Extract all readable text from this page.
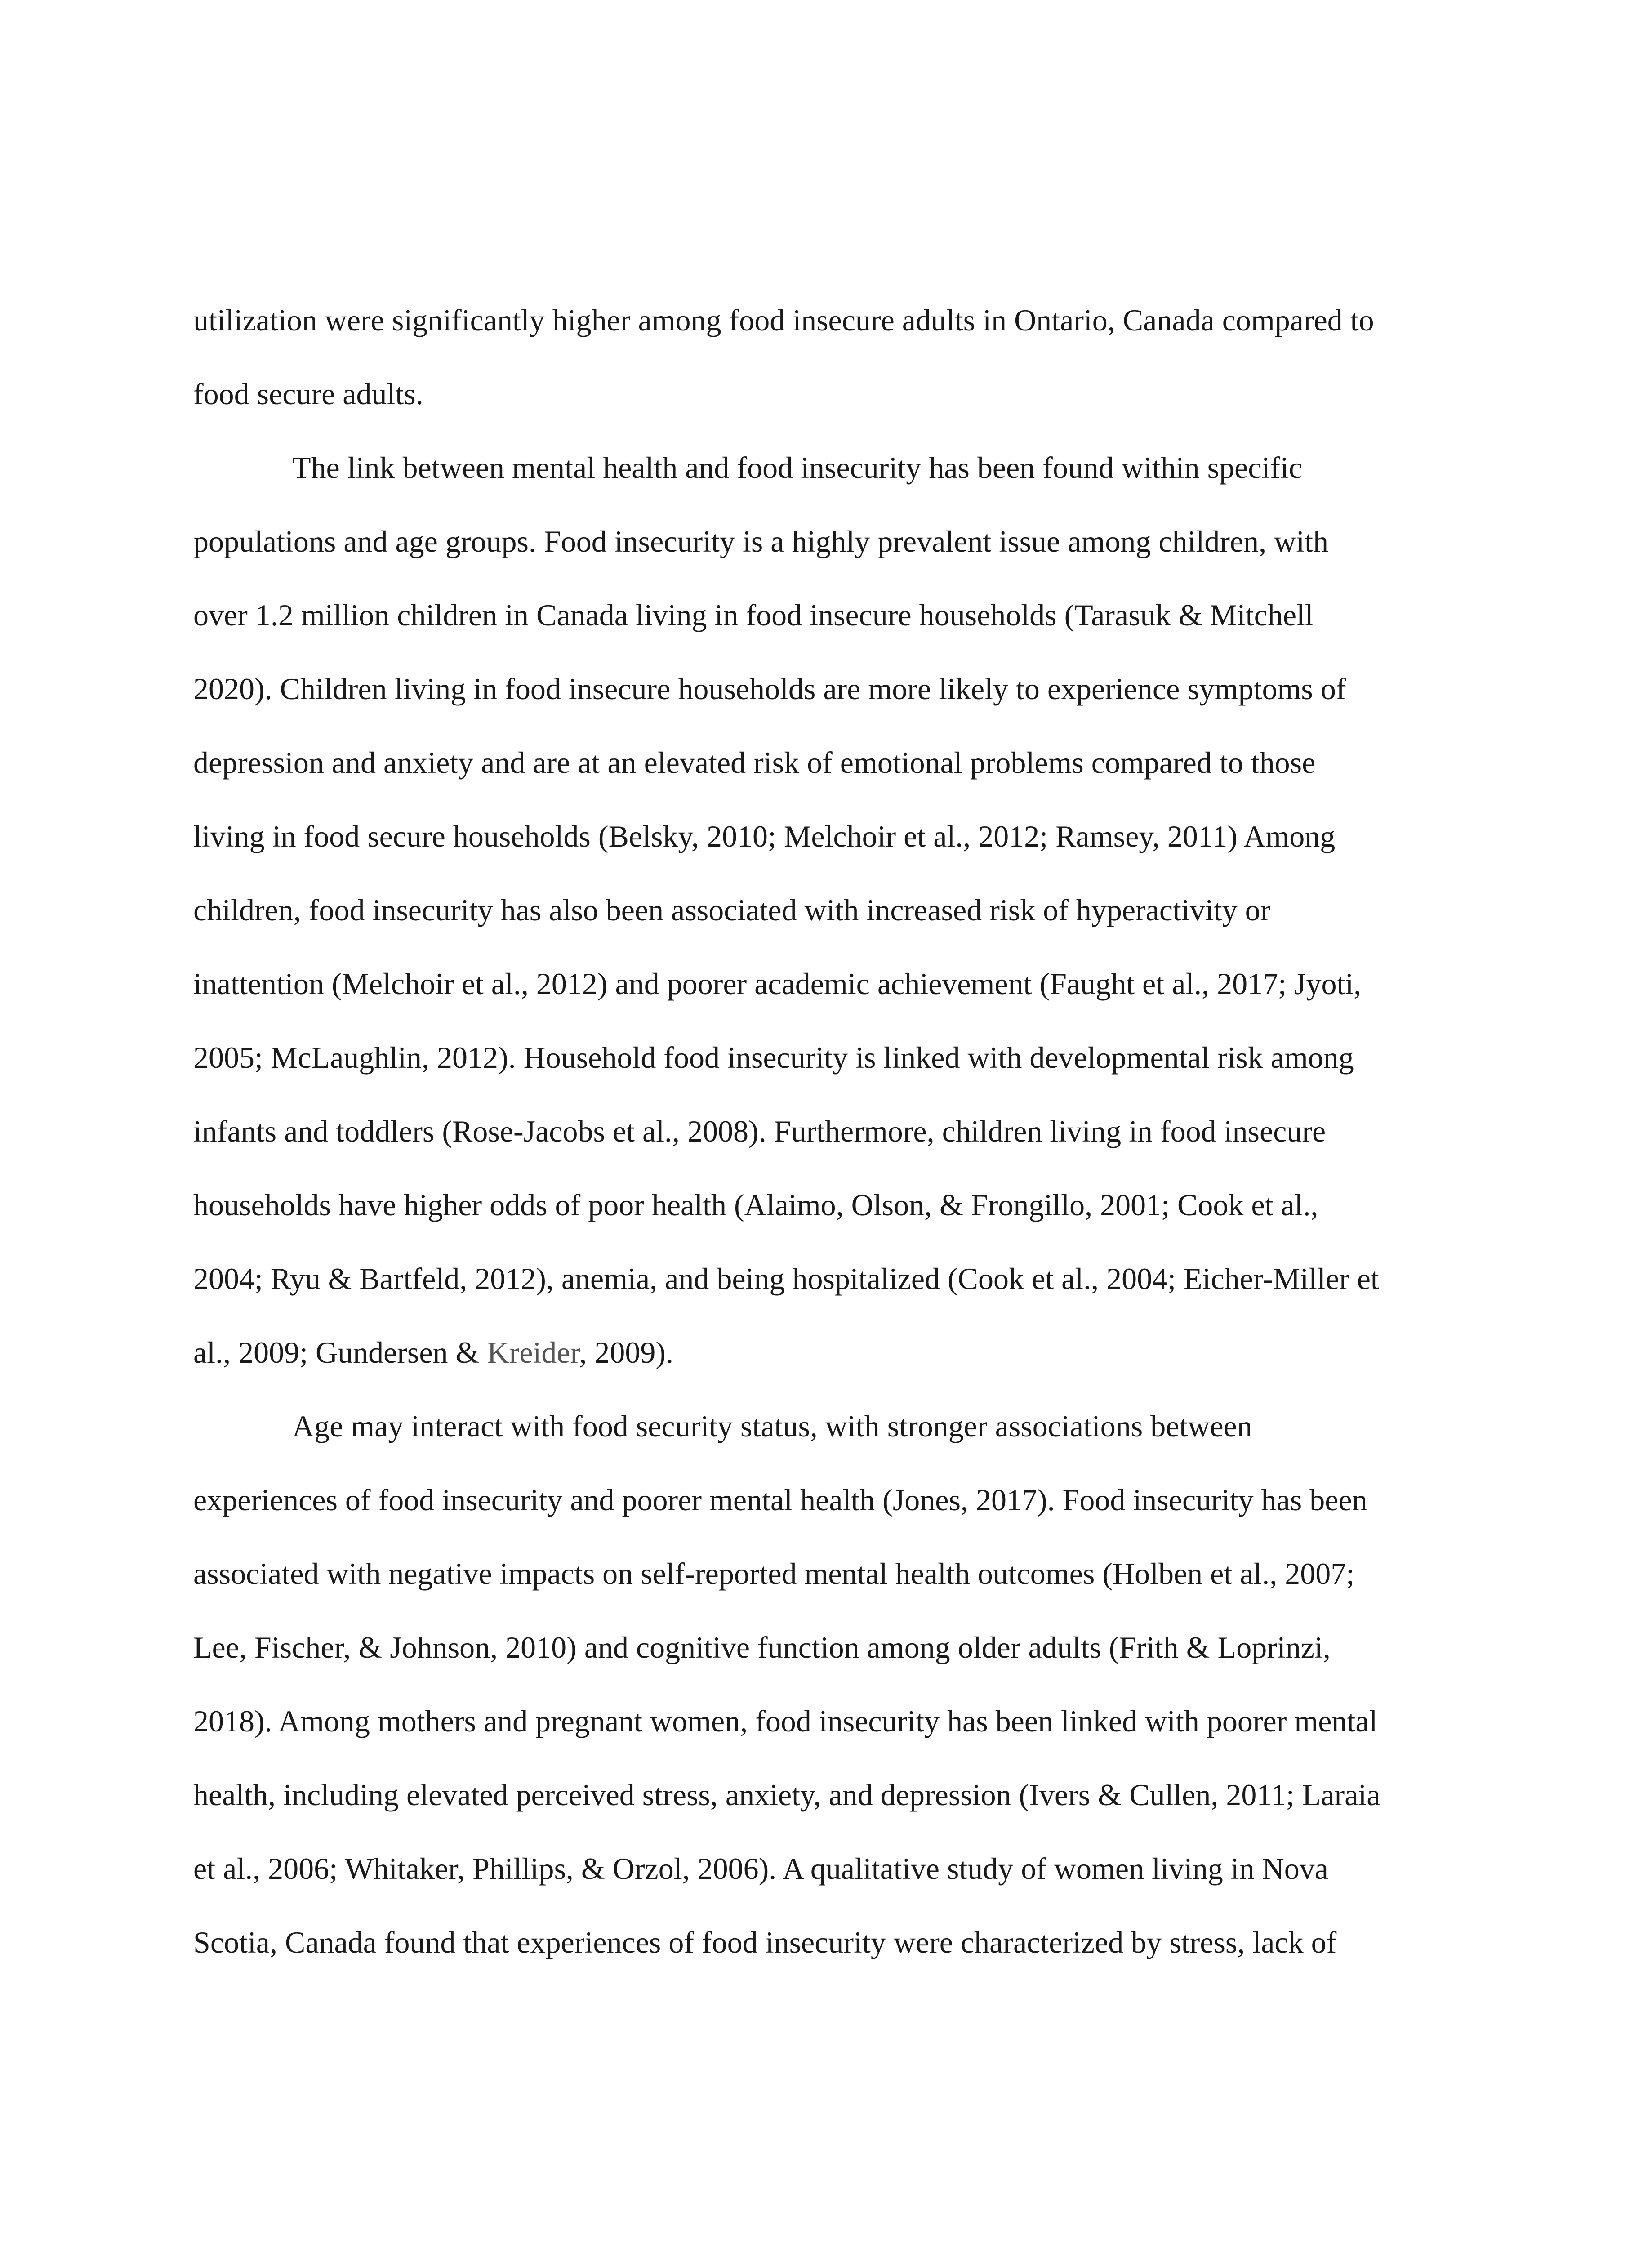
utilization were significantly higher among food insecure adults in Ontario, Canada compared to
food secure adults.
The link between mental health and food insecurity has been found within specific
populations and age groups. Food insecurity is a highly prevalent issue among children, with
over 1.2 million children in Canada living in food insecure households (Tarasuk & Mitchell
2020). Children living in food insecure households are more likely to experience symptoms of
depression and anxiety and are at an elevated risk of emotional problems compared to those
living in food secure households (Belsky, 2010; Melchoir et al., 2012; Ramsey, 2011) Among
children, food insecurity has also been associated with increased risk of hyperactivity or
inattention (Melchoir et al., 2012) and poorer academic achievement (Faught et al., 2017; Jyoti,
2005; McLaughlin, 2012). Household food insecurity is linked with developmental risk among
infants and toddlers (Rose-Jacobs et al., 2008). Furthermore, children living in food insecure
households have higher odds of poor health (Alaimo, Olson, & Frongillo, 2001; Cook et al.,
2004; Ryu & Bartfeld, 2012), anemia, and being hospitalized (Cook et al., 2004; Eicher-Miller et
al., 2009; Gundersen & Kreider, 2009).
Age may interact with food security status, with stronger associations between
experiences of food insecurity and poorer mental health (Jones, 2017). Food insecurity has been
associated with negative impacts on self-reported mental health outcomes (Holben et al., 2007;
Lee, Fischer, & Johnson, 2010) and cognitive function among older adults (Frith & Loprinzi,
2018). Among mothers and pregnant women, food insecurity has been linked with poorer mental
health, including elevated perceived stress, anxiety, and depression (Ivers & Cullen, 2011; Laraia
et al., 2006; Whitaker, Phillips, & Orzol, 2006). A qualitative study of women living in Nova
Scotia, Canada found that experiences of food insecurity were characterized by stress, lack of
